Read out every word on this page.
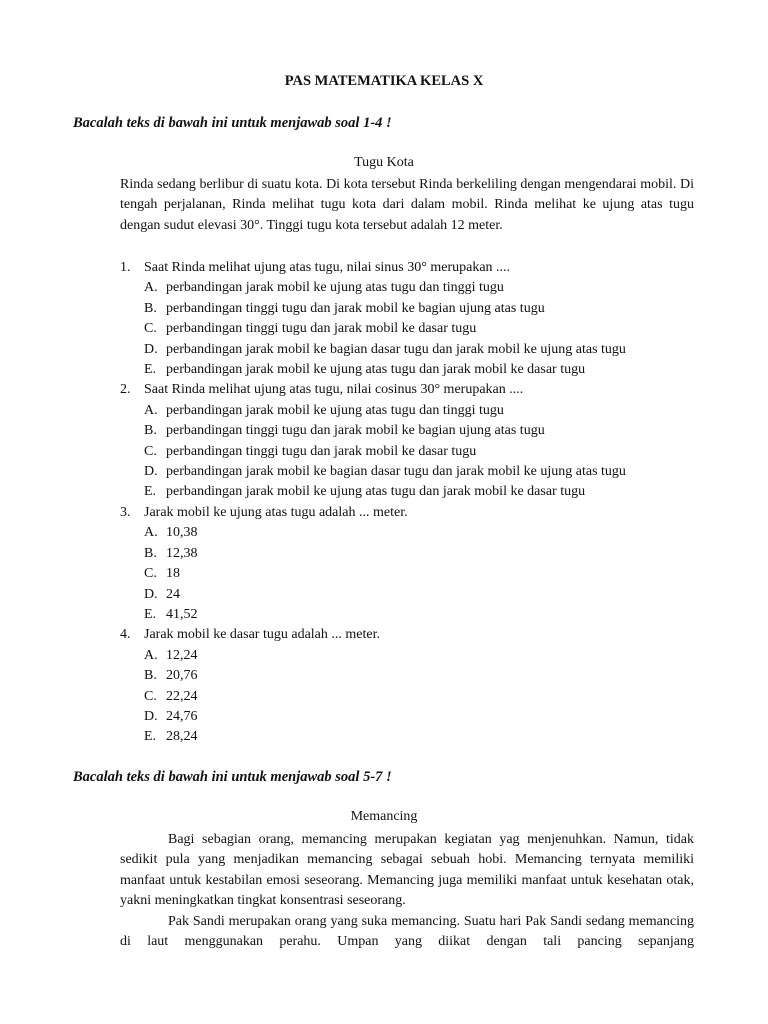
PAS MATEMATIKA KELAS X

Bacalah teks di bawah ini untuk menjawab soal 1-4 !

Tugu Kota

Rinda sedang berlibur di suatu kota. Di kota tersebut Rinda berkeliling dengan mengendarai mobil. Di tengah perjalanan, Rinda melihat tugu kota dari dalam mobil. Rinda melihat ke ujung atas tugu dengan sudut elevasi 30°. Tinggi tugu kota tersebut adalah 12 meter.

1. Saat Rinda melihat ujung atas tugu, nilai sinus 30° merupakan ....
A. perbandingan jarak mobil ke ujung atas tugu dan tinggi tugu
B. perbandingan tinggi tugu dan jarak mobil ke bagian ujung atas tugu
C. perbandingan tinggi tugu dan jarak mobil ke dasar tugu
D. perbandingan jarak mobil ke bagian dasar tugu dan jarak mobil ke ujung atas tugu
E. perbandingan jarak mobil ke ujung atas tugu dan jarak mobil ke dasar tugu
2. Saat Rinda melihat ujung atas tugu, nilai cosinus 30° merupakan ....
A. perbandingan jarak mobil ke ujung atas tugu dan tinggi tugu
B. perbandingan tinggi tugu dan jarak mobil ke bagian ujung atas tugu
C. perbandingan tinggi tugu dan jarak mobil ke dasar tugu
D. perbandingan jarak mobil ke bagian dasar tugu dan jarak mobil ke ujung atas tugu
E. perbandingan jarak mobil ke ujung atas tugu dan jarak mobil ke dasar tugu
3. Jarak mobil ke ujung atas tugu adalah ... meter.
A. 10,38
B. 12,38
C. 18
D. 24
E. 41,52
4. Jarak mobil ke dasar tugu adalah ... meter.
A. 12,24
B. 20,76
C. 22,24
D. 24,76
E. 28,24

Bacalah teks di bawah ini untuk menjawab soal 5-7 !

Memancing

Bagi sebagian orang, memancing merupakan kegiatan yag menjenuhkan. Namun, tidak sedikit pula yang menjadikan memancing sebagai sebuah hobi. Memancing ternyata memiliki manfaat untuk kestabilan emosi seseorang. Memancing juga memiliki manfaat untuk kesehatan otak, yakni meningkatkan tingkat konsentrasi seseorang.

Pak Sandi merupakan orang yang suka memancing. Suatu hari Pak Sandi sedang memancing di laut menggunakan perahu. Umpan yang diikat dengan tali pancing sepanjang
